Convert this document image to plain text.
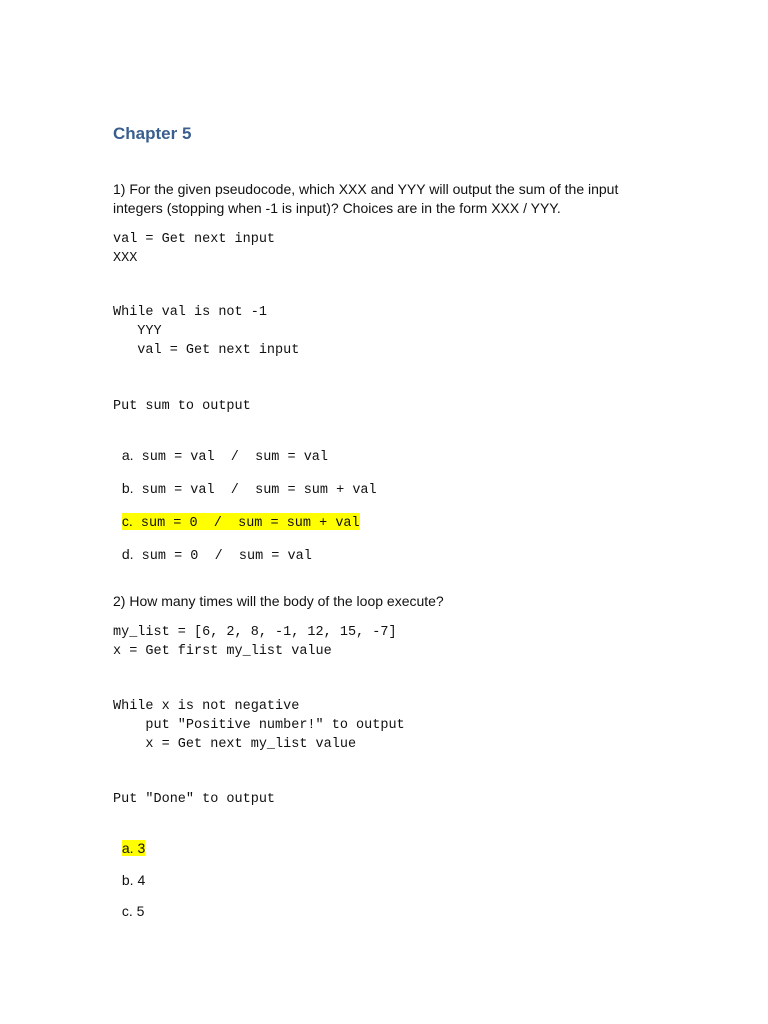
Chapter 5
1) For the given pseudocode, which XXX and YYY will output the sum of the input integers (stopping when -1 is input)? Choices are in the form XXX / YYY.
val = Get next input
XXX
While val is not -1
YYY
val = Get next input
Put sum to output

a. sum = val  /  sum = val

b. sum = val  /  sum = sum + val

c. sum = 0  /  sum = sum + val

d. sum = 0  /  sum = val

2) How many times will the body of the loop execute?
my_list = [6, 2, 8, -1, 12, 15, -7]
x = Get first my_list value
While x is not negative
put "Positive number!" to output
x = Get next my_list value
Put "Done" to output

a. 3

b. 4

c. 5
